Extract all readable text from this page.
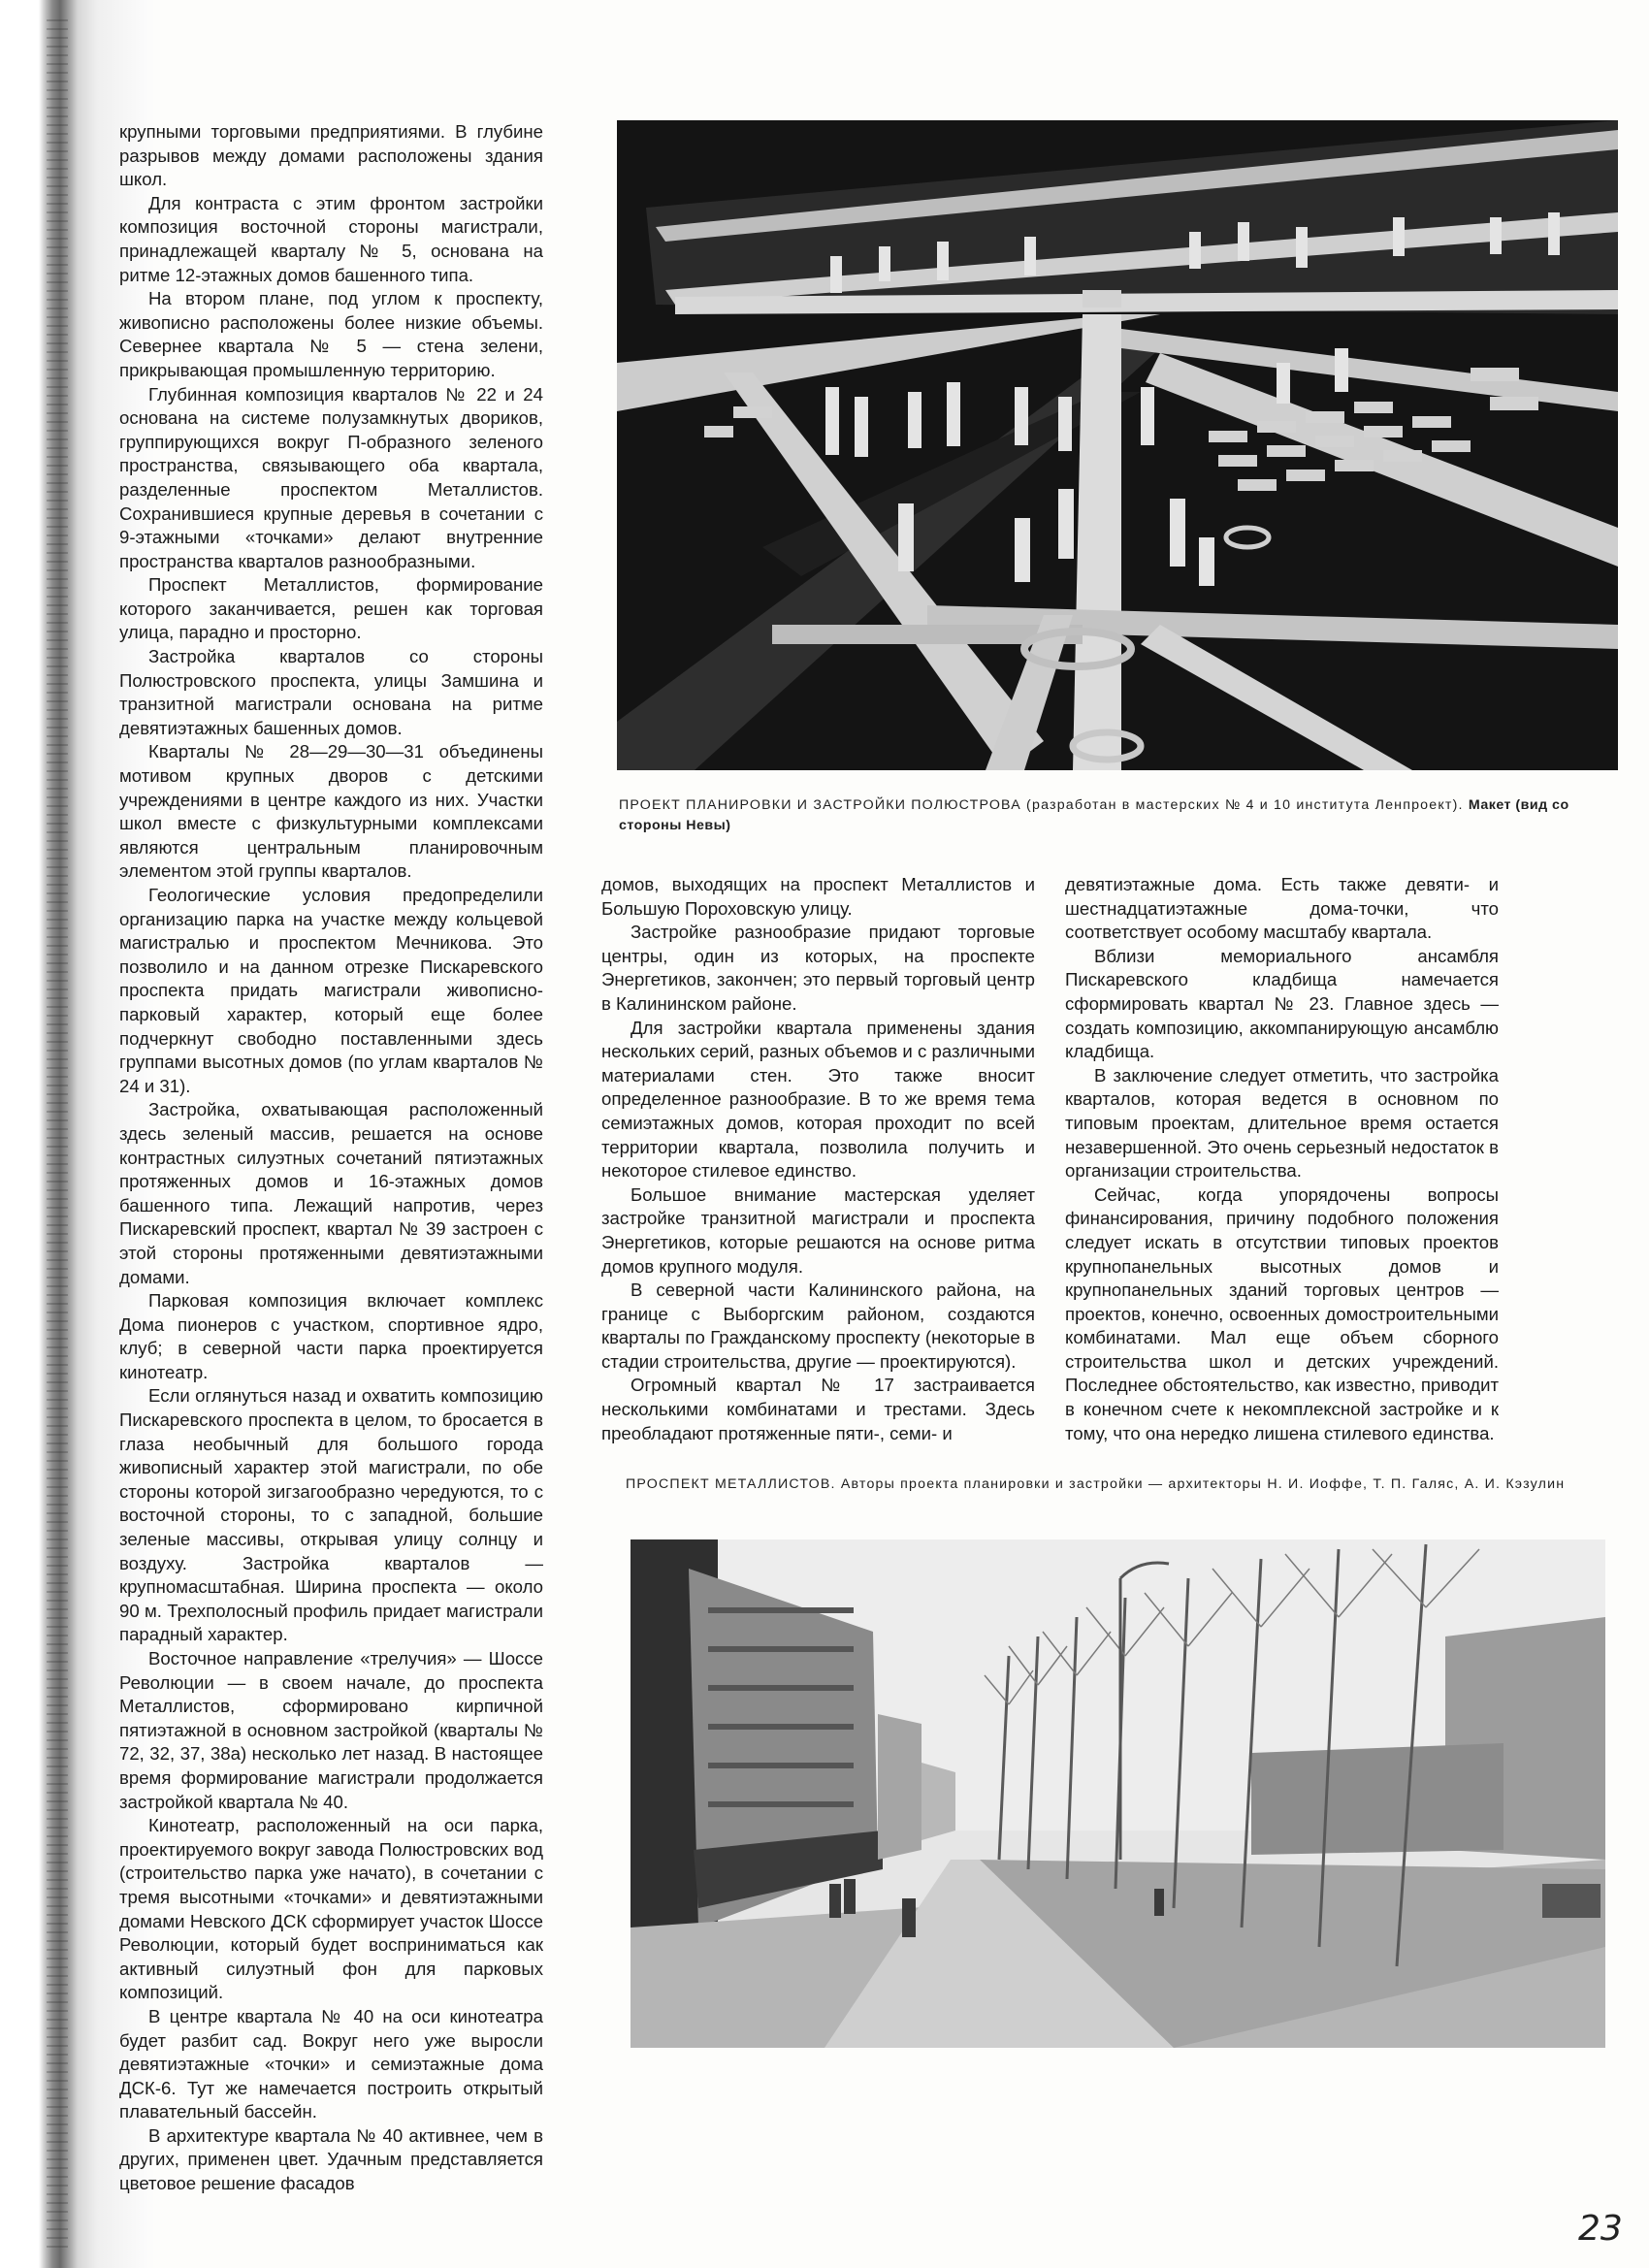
крупными торговыми предприятиями. В глубине разрывов между домами расположены здания школ.

Для контраста с этим фронтом застройки композиция восточной стороны магистрали, принадлежащей кварталу № 5, основана на ритме 12-этажных домов башенного типа.

На втором плане, под углом к проспекту, живописно расположены более низкие объемы. Севернее квартала № 5 — стена зелени, прикрывающая промышленную территорию.

Глубинная композиция кварталов № 22 и 24 основана на системе полузамкнутых двориков, группирующихся вокруг П-образного зеленого пространства, связывающего оба квартала, разделенные проспектом Металлистов. Сохранившиеся крупные деревья в сочетании с 9-этажными «точками» делают внутренние пространства кварталов разнообразными.

Проспект Металлистов, формирование которого заканчивается, решен как торговая улица, парадно и просторно.

Застройка кварталов со стороны Полюстровского проспекта, улицы Замшина и транзитной магистрали основана на ритме девятиэтажных башенных домов.

Кварталы № 28—29—30—31 объединены мотивом крупных дворов с детскими учреждениями в центре каждого из них. Участки школ вместе с физкультурными комплексами являются центральным планировочным элементом этой группы кварталов.

Геологические условия предопределили организацию парка на участке между кольцевой магистралью и проспектом Мечникова. Это позволило и на данном отрезке Пискаревского проспекта придать магистрали живописно-парковый характер, который еще более подчеркнут свободно поставленными здесь группами высотных домов (по углам кварталов № 24 и 31).

Застройка, охватывающая расположенный здесь зеленый массив, решается на основе контрастных силуэтных сочетаний пятиэтажных протяженных домов и 16-этажных домов башенного типа. Лежащий напротив, через Пискаревский проспект, квартал № 39 застроен с этой стороны протяженными девятиэтажными домами.

Парковая композиция включает комплекс Дома пионеров с участком, спортивное ядро, клуб; в северной части парка проектируется кинотеатр.

Если оглянуться назад и охватить композицию Пискаревского проспекта в целом, то бросается в глаза необычный для большого города живописный характер этой магистрали, по обе стороны которой зигзагообразно чередуются, то с восточной стороны, то с западной, большие зеленые массивы, открывая улицу солнцу и воздуху. Застройка кварталов — крупномасштабная. Ширина проспекта — около 90 м. Трехполосный профиль придает магистрали парадный характер.

Восточное направление «трелучия» — Шоссе Революции — в своем начале, до проспекта Металлистов, сформировано кирпичной пятиэтажной в основном застройкой (кварталы № 72, 32, 37, 38а) несколько лет назад. В настоящее время формирование магистрали продолжается застройкой квартала № 40.

Кинотеатр, расположенный на оси парка, проектируемого вокруг завода Полюстровских вод (строительство парка уже начато), в сочетании с тремя высотными «точками» и девятиэтажными домами Невского ДСК сформирует участок Шоссе Революции, который будет восприниматься как активный силуэтный фон для парковых композиций.

В центре квартала № 40 на оси кинотеатра будет разбит сад. Вокруг него уже выросли девятиэтажные «точки» и семиэтажные дома ДСК-6. Тут же намечается построить открытый плавательный бассейн.

В архитектуре квартала № 40 активнее, чем в других, применен цвет. Удачным представляется цветовое решение фасадов

ПРОЕКТ ПЛАНИРОВКИ И ЗАСТРОЙКИ ПОЛЮСТРОВА (разработан в мастерских № 4 и 10 института Ленпроект). Макет (вид со стороны Невы)

домов, выходящих на проспект Металлистов и Большую Пороховскую улицу.

Застройке разнообразие придают торговые центры, один из которых, на проспекте Энергетиков, закончен; это первый торговый центр в Калининском районе.

Для застройки квартала применены здания нескольких серий, разных объемов и с различными материалами стен. Это также вносит определенное разнообразие. В то же время тема семиэтажных домов, которая проходит по всей территории квартала, позволила получить и некоторое стилевое единство.

Большое внимание мастерская уделяет застройке транзитной магистрали и проспекта Энергетиков, которые решаются на основе ритма домов крупного модуля.

В северной части Калининского района, на границе с Выборгским районом, создаются кварталы по Гражданскому проспекту (некоторые в стадии строительства, другие — проектируются).

Огромный квартал № 17 застраивается несколькими комбинатами и трестами. Здесь преобладают протяженные пяти-, семи- и

девятиэтажные дома. Есть также девяти- и шестнадцатиэтажные дома-точки, что соответствует особому масштабу квартала.

Вблизи мемориального ансамбля Пискаревского кладбища намечается сформировать квартал № 23. Главное здесь — создать композицию, аккомпанирующую ансамблю кладбища.

В заключение следует отметить, что застройка кварталов, которая ведется в основном по типовым проектам, длительное время остается незавершенной. Это очень серьезный недостаток в организации строительства.

Сейчас, когда упорядочены вопросы финансирования, причину подобного положения следует искать в отсутствии типовых проектов крупнопанельных высотных домов и крупнопанельных зданий торговых центров — проектов, конечно, освоенных домостроительными комбинатами. Мал еще объем сборного строительства школ и детских учреждений. Последнее обстоятельство, как известно, приводит в конечном счете к некомплексной застройке и к тому, что она нередко лишена стилевого единства.

ПРОСПЕКТ МЕТАЛЛИСТОВ. Авторы проекта планировки и застройки — архитекторы Н. И. Иоффе, Т. П. Галяс, А. И. Кэзулин
23
